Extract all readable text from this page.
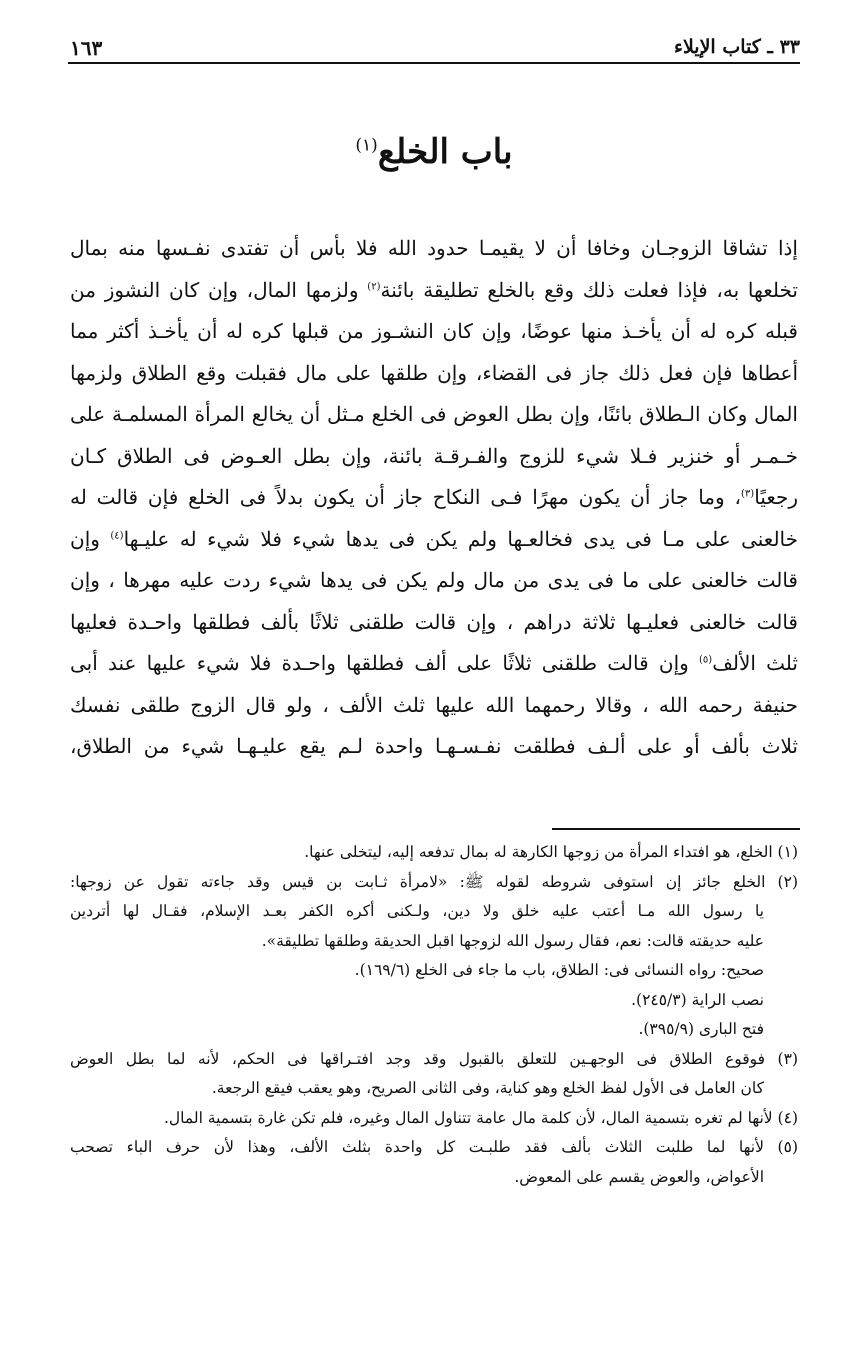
٣٣ ـ كتاب الإيلاء
١٦٣
باب الخلع$^{(١)}$
إذا تشاقا الزوجـان وخافا أن لا يقيمـا حدود الله فلا بأس أن تفتدى نفـسها منه بمال
تخلعها به، فإذا فعلت ذلك وقع بالخلع تطليقة بائنة$^{(٢)}$ ولزمها المال، وإن كان النشوز من
قبله كره له أن يأخـذ منها عوضًا، وإن كان النشـوز من قبلها كره له أن يأخـذ أكثر مما
أعطاها فإن فعل ذلك جاز فى القضاء، وإن طلقها على مال فقبلت وقع الطلاق ولزمها
المال وكان الـطلاق بائنًا، وإن بطل العوض فى الخلع مـثل أن يخالع المرأة المسلمـة على
خـمـر أو خنزير فـلا شيء للزوج والفـرقـة بائنة، وإن بطل العـوض فى الطلاق كـان
رجعيًا$^{(٣)}$، وما جاز أن يكون مهرًا فـى النكاح جاز أن يكون بدلاً فى الخلع فإن قالت له
خالعنى على مـا فى يدى فخالعـها ولم يكن فى يدها شيء فلا شيء له عليـها$^{(٤)}$ وإن
قالت خالعنى على ما فى يدى من مال ولم يكن فى يدها شيء ردت عليه مهرها ، وإن
قالت خالعنى فعليـها ثلاثة دراهم ، وإن قالت طلقنى ثلاثًا بألف فطلقها واحـدة فعليها
ثلث الألف$^{(٥)}$ وإن قالت طلقنى ثلاثًا على ألف فطلقها واحـدة فلا شيء عليها عند أبى
حنيفة رحمه الله ، وقالا رحمهما الله عليها ثلث الألف ، ولو قال الزوج طلقى نفسك
ثلاث بألف أو على ألـف فطلقت نفـسـهـا واحدة لـم يقع عليـهـا شيء من الطلاق،
(١) الخلع، هو افتداء المرأة من زوجها الكارهة له بمال تدفعه إليه، ليتخلى عنها.
(٢) الخلع جائز إن استوفى شروطه لقوله ﷺ: «لامرأة ثـابت بن قيس وقد جاءته تقول عن زوجها:
يا رسول الله مـا أعتب عليه خلق ولا دين، ولـكنى أكره الكفر بعـد الإسلام، فقـال لها أتردين
عليه حديقته قالت: نعم، فقال رسول الله لزوجها اقبل الحديقة وطلقها تطليقة».
صحيح: رواه النسائى فى: الطلاق، باب ما جاء فى الخلع (١٦٩/٦).
نصب الراية (٢٤٥/٣).
فتح البارى (٣٩٥/٩).
(٣) فوقوع الطلاق فى الوجهـين للتعلق بالقبول وقد وجد افتـراقها فى الحكم، لأنه لما بطل العوض
كان العامل فى الأول لفظ الخلع وهو كناية، وفى الثانى الصريح، وهو يعقب فيقع الرجعة.
(٤) لأنها لم تغره بتسمية المال، لأن كلمة مال عامة تتناول المال وغيره، فلم تكن غارة بتسمية المال.
(٥) لأنها لما طلبت الثلاث بألف فقد طلبـت كل واحدة بثلث الألف، وهذا لأن حرف الباء تصحب
الأعواض، والعوض يقسم على المعوض.
